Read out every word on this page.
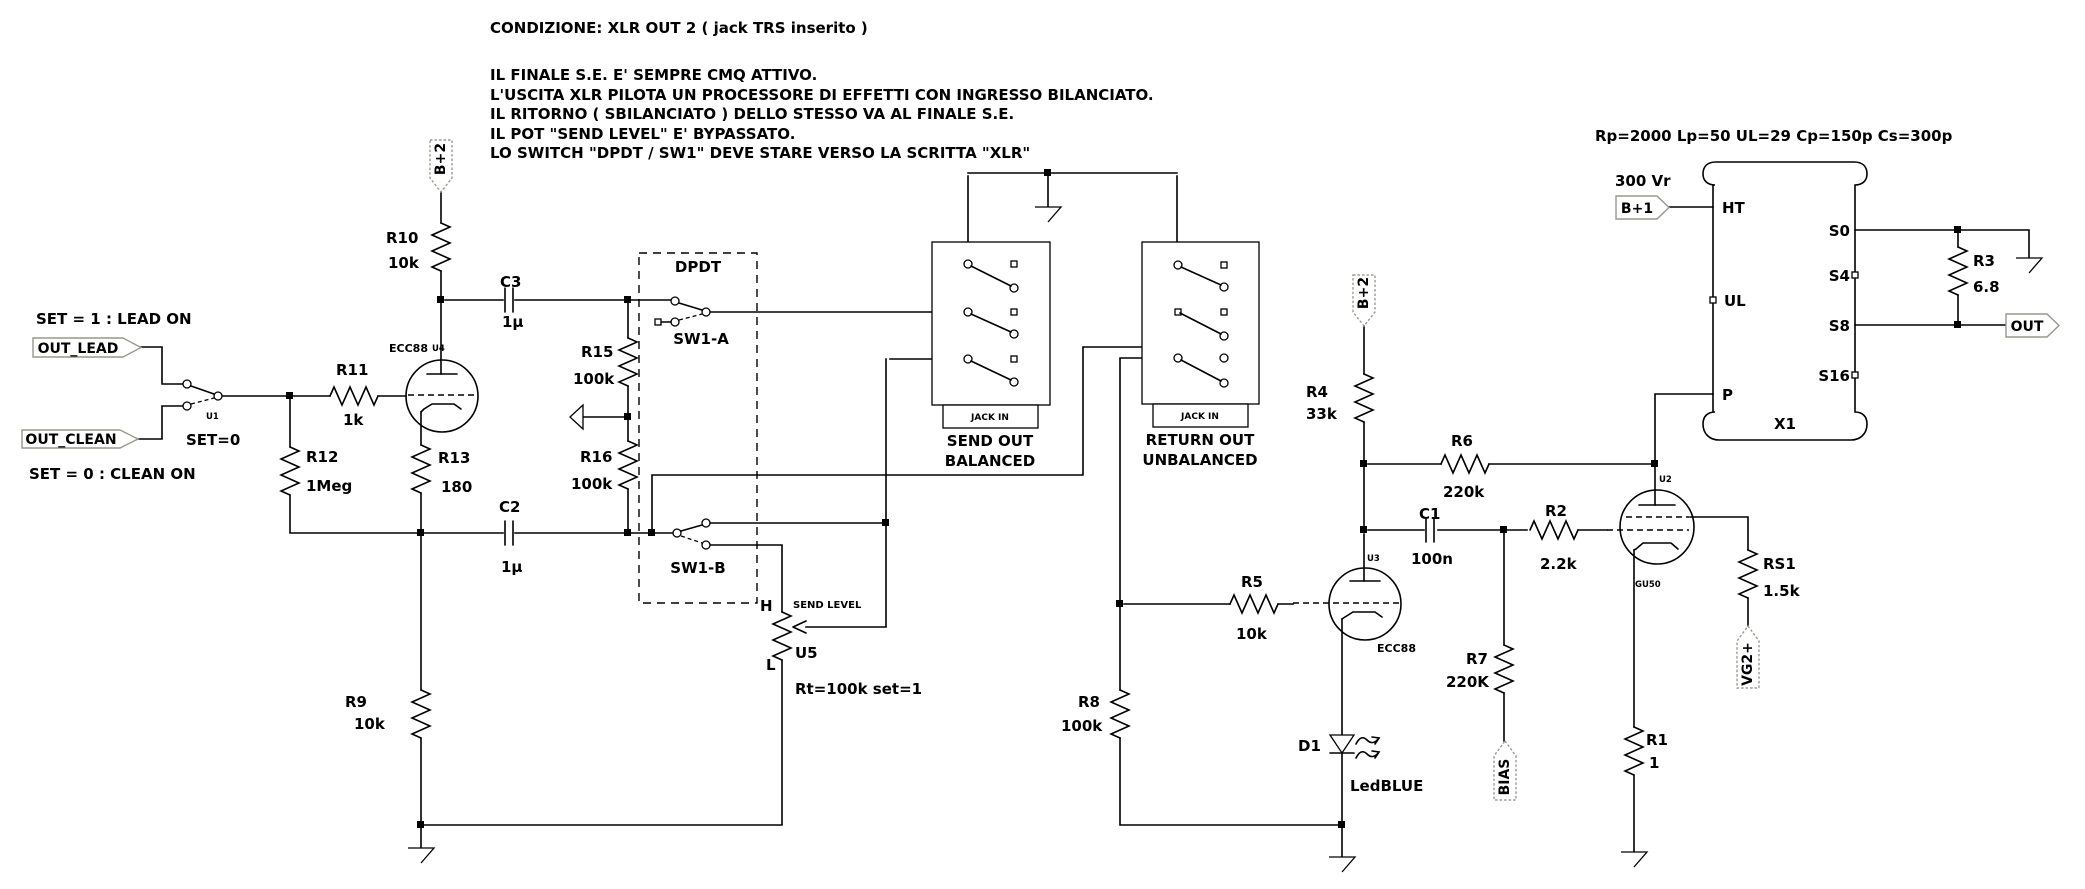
CONDIZIONE: XLR OUT 2 ( jack TRS inserito )
IL FINALE S.E. E' SEMPRE CMQ ATTIVO.
L'USCITA XLR PILOTA UN PROCESSORE DI EFFETTI CON INGRESSO BILANCIATO.
IL RITORNO ( SBILANCIATO ) DELLO STESSO VA AL FINALE S.E.
IL POT "SEND LEVEL" E' BYPASSATO.
LO SWITCH "DPDT / SW1" DEVE STARE VERSO LA SCRITTA "XLR"
SET = 1 : LEAD ON
SET = 0 : CLEAN ON
Rp=2000 Lp=50 UL=29 Cp=150p Cs=300p
300 Vr
OUT_LEAD
OUT_CLEAN
U1
SET=0
R11
1k
R12
1Meg
R13
180
R10
10k
R9
10k
ECC88 U4
B+2
B+2
C3
1µ
C2
1µ
R15
100k
R16
100k
DPDT
SW1-A
SW1-B
H
L
U5
SEND LEVEL
Rt=100k set=1
JACK IN
SEND OUT
BALANCED
JACK IN
RETURN OUT
UNBALANCED
R4
33k
R6
220k
C1
100n
R2
2.2k
R5
10k
R7
220K
R8
100k
U3
ECC88
D1
LedBLUE	BIAS
U2
GU50
RS1
1.5k
VG2+
R1
1
B+1	HT
UL
P
S0
S4
S8
S16
X1
R3
6.8
OUT
